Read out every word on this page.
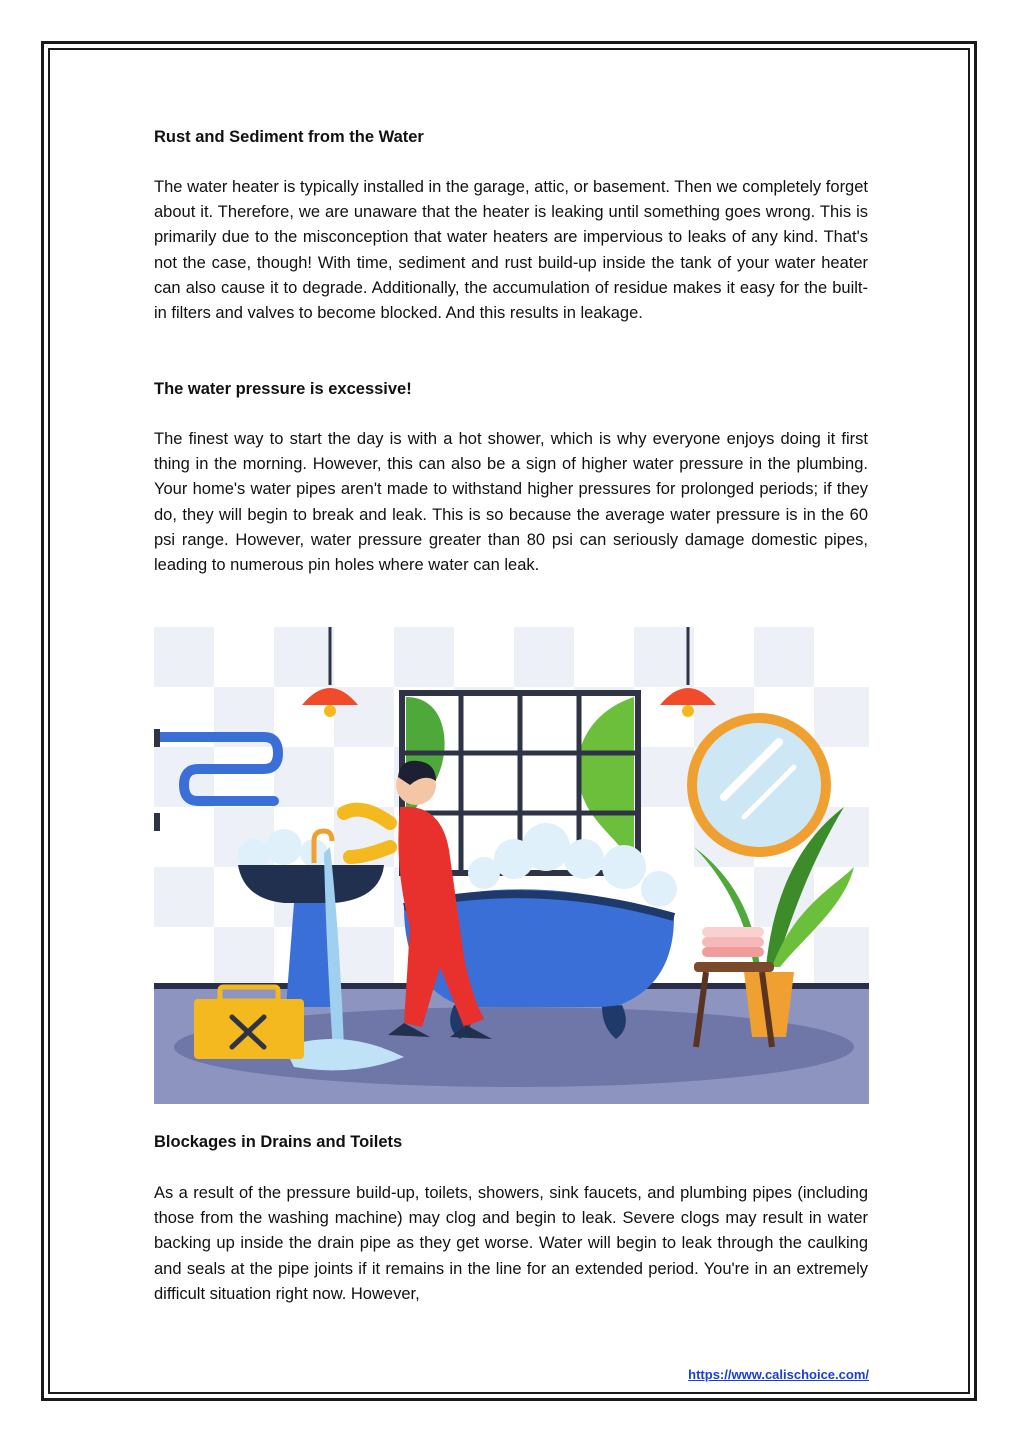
Rust and Sediment from the Water

The water heater is typically installed in the garage, attic, or basement. Then we completely forget about it. Therefore, we are unaware that the heater is leaking until something goes wrong. This is primarily due to the misconception that water heaters are impervious to leaks of any kind. That's not the case, though! With time, sediment and rust build-up inside the tank of your water heater can also cause it to degrade. Additionally, the accumulation of residue makes it easy for the built-in filters and valves to become blocked. And this results in leakage.

The water pressure is excessive!

The finest way to start the day is with a hot shower, which is why everyone enjoys doing it first thing in the morning. However, this can also be a sign of higher water pressure in the plumbing. Your home's water pipes aren't made to withstand higher pressures for prolonged periods; if they do, they will begin to break and leak. This is so because the average water pressure is in the 60 psi range. However, water pressure greater than 80 psi can seriously damage domestic pipes, leading to numerous pin holes where water can leak.

Blockages in Drains and Toilets

As a result of the pressure build-up, toilets, showers, sink faucets, and plumbing pipes (including those from the washing machine) may clog and begin to leak. Severe clogs may result in water backing up inside the drain pipe as they get worse. Water will begin to leak through the caulking and seals at the pipe joints if it remains in the line for an extended period. You're in an extremely difficult situation right now. However,

https://www.calischoice.com/
